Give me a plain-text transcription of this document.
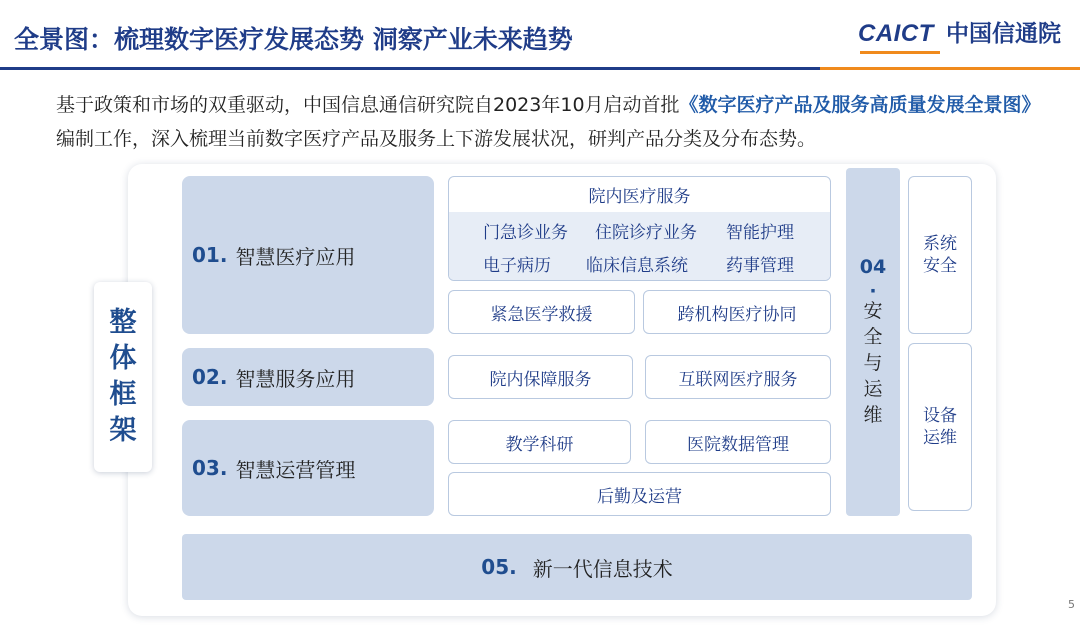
全景图：梳理数字医疗发展态势 洞察产业未来趋势	CAICT 中国信通院
基于政策和市场的双重驱动，中国信息通信研究院自2023年10月启动首批《数字医疗产品及服务高质量发展全景图》编制工作，深入梳理当前数字医疗产品及服务上下游发展状况，研判产品分类及分布态势。
整
体
框
架
01. 智慧医疗应用
02. 智慧服务应用
03. 智慧运营管理
院内医疗服务
门急诊业务 住院诊疗业务 智能护理
电子病历 临床信息系统 药事管理
紧急医学救援	跨机构医疗协同
院内保障服务	互联网医疗服务
教学科研	医院数据管理
后勤及运营
04
·
安
全
与
运
维
系统安全
设备运维
05. 新一代信息技术
5
